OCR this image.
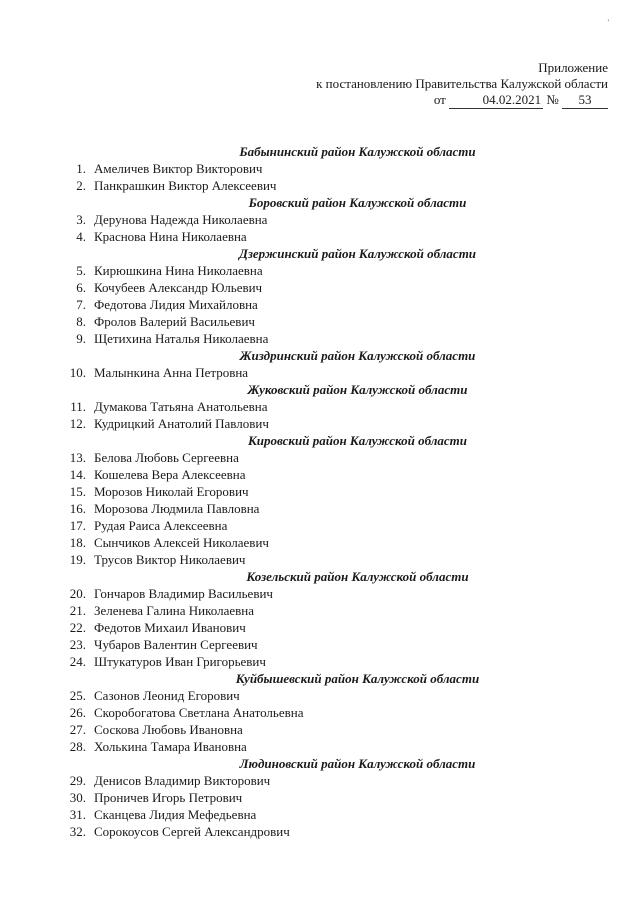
'
Приложение
к постановлению Правительства Калужской области
от	04.02.2021 № 53
Бабынинский район Калужской области
1. Амеличев Виктор Викторович
2. Панкрашкин Виктор Алексеевич
Боровский район Калужской области
3. Дерунова Надежда Николаевна
4. Краснова Нина Николаевна
Дзержинский район Калужской области
5. Кирюшкина Нина Николаевна
6. Кочубеев Александр Юльевич
7. Федотова Лидия Михайловна
8. Фролов Валерий Васильевич
9. Щетихина Наталья Николаевна
Жиздринский район Калужской области
10. Малынкина Анна Петровна
Жуковский район Калужской области
11. Думакова Татьяна Анатольевна
12. Кудрицкий Анатолий Павлович
Кировский район Калужской области
13. Белова Любовь Сергеевна
14. Кошелева Вера Алексеевна
15. Морозов Николай Егорович
16. Морозова Людмила Павловна
17. Рудая Раиса Алексеевна
18. Сынчиков Алексей Николаевич
19. Трусов Виктор Николаевич
Козельский район Калужской области
20. Гончаров Владимир Васильевич
21. Зеленева Галина Николаевна
22. Федотов Михаил Иванович
23. Чубаров Валентин Сергеевич
24. Штукатуров Иван Григорьевич
Куйбышевский район Калужской области
25. Сазонов Леонид Егорович
26. Скоробогатова Светлана Анатольевна
27. Соскова Любовь Ивановна
28. Холькина Тамара Ивановна
Людиновский район Калужской области
29. Денисов Владимир Викторович
30. Проничев Игорь Петрович
31. Сканцева Лидия Мефедьевна
32. Сорокоусов Сергей Александрович
